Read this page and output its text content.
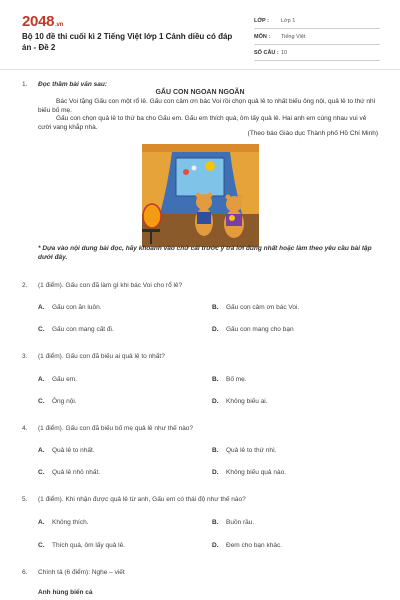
2048.vn
Bộ 10 đề thi cuối kì 2 Tiếng Việt lớp 1 Cánh diều có đáp án - Đề 2
LỚP :	Lớp 1
MÔN :	Tiếng Việt
SỐ CÂU : 10
1. Đọc thầm bài văn sau:
GẤU CON NGOAN NGOÃN
Bác Voi tặng Gấu con một rổ lê. Gấu con cảm ơn bác Voi rồi chọn quả lê to nhất biếu ông nội, quả lê to thứ nhì biếu bố mẹ.
Gấu con chọn quả lê to thứ ba cho Gấu em. Gấu em thích quá, ôm lấy quả lê. Hai anh em cùng nhau vui vẻ cười vang khắp nhà.
(Theo báo Giáo dục Thành phố Hồ Chí Minh)
* Dựa vào nội dung bài đọc, hãy khoanh vào chữ cái trước ý trả lời đúng nhất hoặc làm theo yêu cầu bài tập dưới đây.
2. (1 điểm). Gấu con đã làm gì khi bác Voi cho rổ lê?
A. Gấu con ăn luôn.	B. Gấu con cảm ơn bác Voi.
C. Gấu con mang cất đi.	D. Gấu con mang cho bạn
3. (1 điểm). Gấu con đã biếu ai quả lê to nhất?
A. Gấu em.	B. Bố mẹ.
C. Ông nội.	D. Không biếu ai.
4. (1 điểm). Gấu con đã biếu bố mẹ quả lê như thế nào?
A. Quả lê to nhất.	B. Quả lê to thứ nhì.
C. Quả lê nhỏ nhất.	D. Không biếu quả nào.
5. (1 điểm). Khi nhận được quả lê từ anh, Gấu em có thái độ như thế nào?
A. Không thích.	B. Buồn rầu.
C. Thích quá, ôm lấy quả lê.	D. Đem cho bạn khác.
6. Chính tả (6 điểm): Nghe – viết
Anh hùng biển cả
